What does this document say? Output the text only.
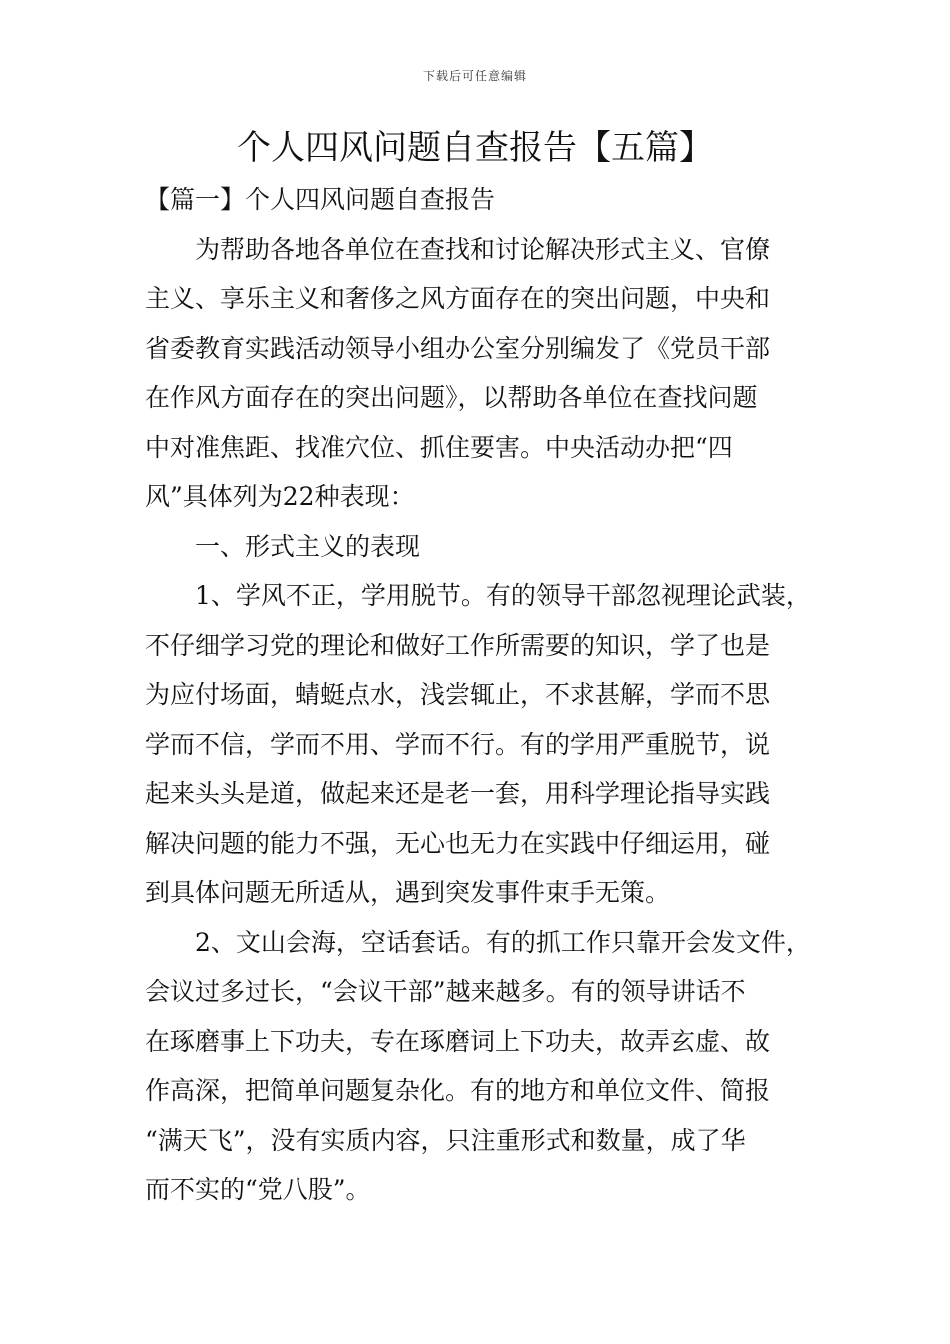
下载后可任意编辑
个人四风问题自查报告【五篇】

【篇一】个人四风问题自查报告

为帮助各地各单位在查找和讨论解决形式主义、官僚
主义、享乐主义和奢侈之风方面存在的突出问题，中央和
省委教育实践活动领导小组办公室分别编发了《党员干部
在作风方面存在的突出问题》，以帮助各单位在查找问题
中对准焦距、找准穴位、抓住要害。中央活动办把“四
风”具体列为22种表现：

一、形式主义的表现

1、学风不正，学用脱节。有的领导干部忽视理论武装，
不仔细学习党的理论和做好工作所需要的知识，学了也是
为应付场面，蜻蜓点水，浅尝辄止，不求甚解，学而不思
学而不信，学而不用、学而不行。有的学用严重脱节，说
起来头头是道，做起来还是老一套，用科学理论指导实践
解决问题的能力不强，无心也无力在实践中仔细运用，碰
到具体问题无所适从，遇到突发事件束手无策。

2、文山会海，空话套话。有的抓工作只靠开会发文件，
会议过多过长，“会议干部”越来越多。有的领导讲话不
在琢磨事上下功夫，专在琢磨词上下功夫，故弄玄虚、故
作高深，把简单问题复杂化。有的地方和单位文件、简报
“满天飞”，没有实质内容，只注重形式和数量，成了华
而不实的“党八股”。
